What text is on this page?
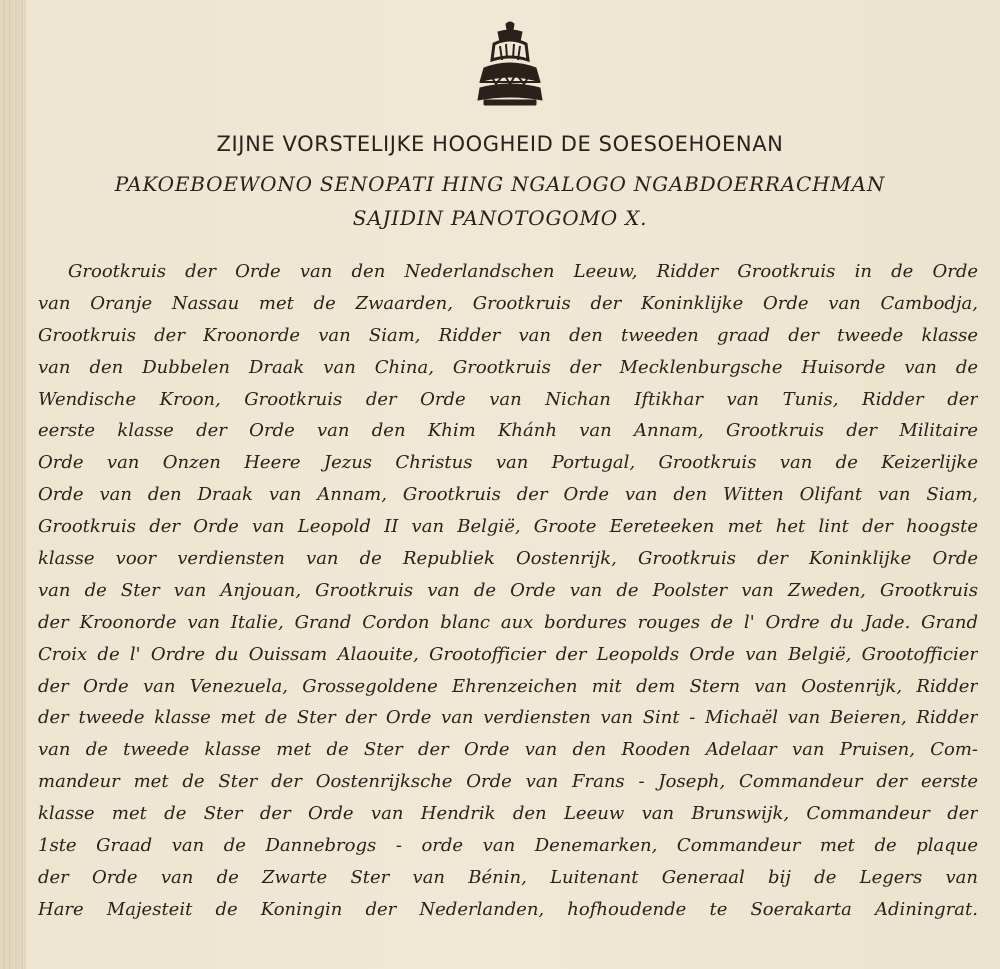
ZIJNE VORSTELIJKE HOOGHEID DE SOESOEHOENAN
PAKOEBOEWONO SENOPATI HING NGALOGO NGABDOERRACHMAN
SAJIDIN PANOTOGOMO X.
Grootkruis der Orde van den Nederlandschen Leeuw, Ridder Grootkruis in de Orde
van Oranje Nassau met de Zwaarden, Grootkruis der Koninklijke Orde van Cambodja,
Grootkruis der Kroonorde van Siam, Ridder van den tweeden graad der tweede klasse
van den Dubbelen Draak van China, Grootkruis der Mecklenburgsche Huisorde van de
Wendische Kroon, Grootkruis der Orde van Nichan Iftikhar van Tunis, Ridder der
eerste klasse der Orde van den Khim Khánh van Annam, Grootkruis der Militaire
Orde van Onzen Heere Jezus Christus van Portugal, Grootkruis van de Keizerlijke
Orde van den Draak van Annam, Grootkruis der Orde van den Witten Olifant van Siam,
Grootkruis der Orde van Leopold II van België, Groote Eereteeken met het lint der hoogste
klasse voor verdiensten van de Republiek Oostenrijk, Grootkruis der Koninklijke Orde
van de Ster van Anjouan, Grootkruis van de Orde van de Poolster van Zweden, Grootkruis
der Kroonorde van Italie, Grand Cordon blanc aux bordures rouges de l' Ordre du Jade. Grand
Croix de l' Ordre du Ouissam Alaouite, Grootofficier der Leopolds Orde van België, Grootofficier
der Orde van Venezuela, Grossegoldene Ehrenzeichen mit dem Stern van Oostenrijk, Ridder
der tweede klasse met de Ster der Orde van verdiensten van Sint - Michaël van Beieren, Ridder
van de tweede klasse met de Ster der Orde van den Rooden Adelaar van Pruisen, Com-
mandeur met de Ster der Oostenrijksche Orde van Frans - Joseph, Commandeur der eerste
klasse met de Ster der Orde van Hendrik den Leeuw van Brunswijk, Commandeur der
1ste Graad van de Dannebrogs - orde van Denemarken, Commandeur met de plaque
der Orde van de Zwarte Ster van Bénin, Luitenant Generaal bij de Legers van
Hare Majesteit de Koningin der Nederlanden, hofhoudende te Soerakarta Adiningrat.
